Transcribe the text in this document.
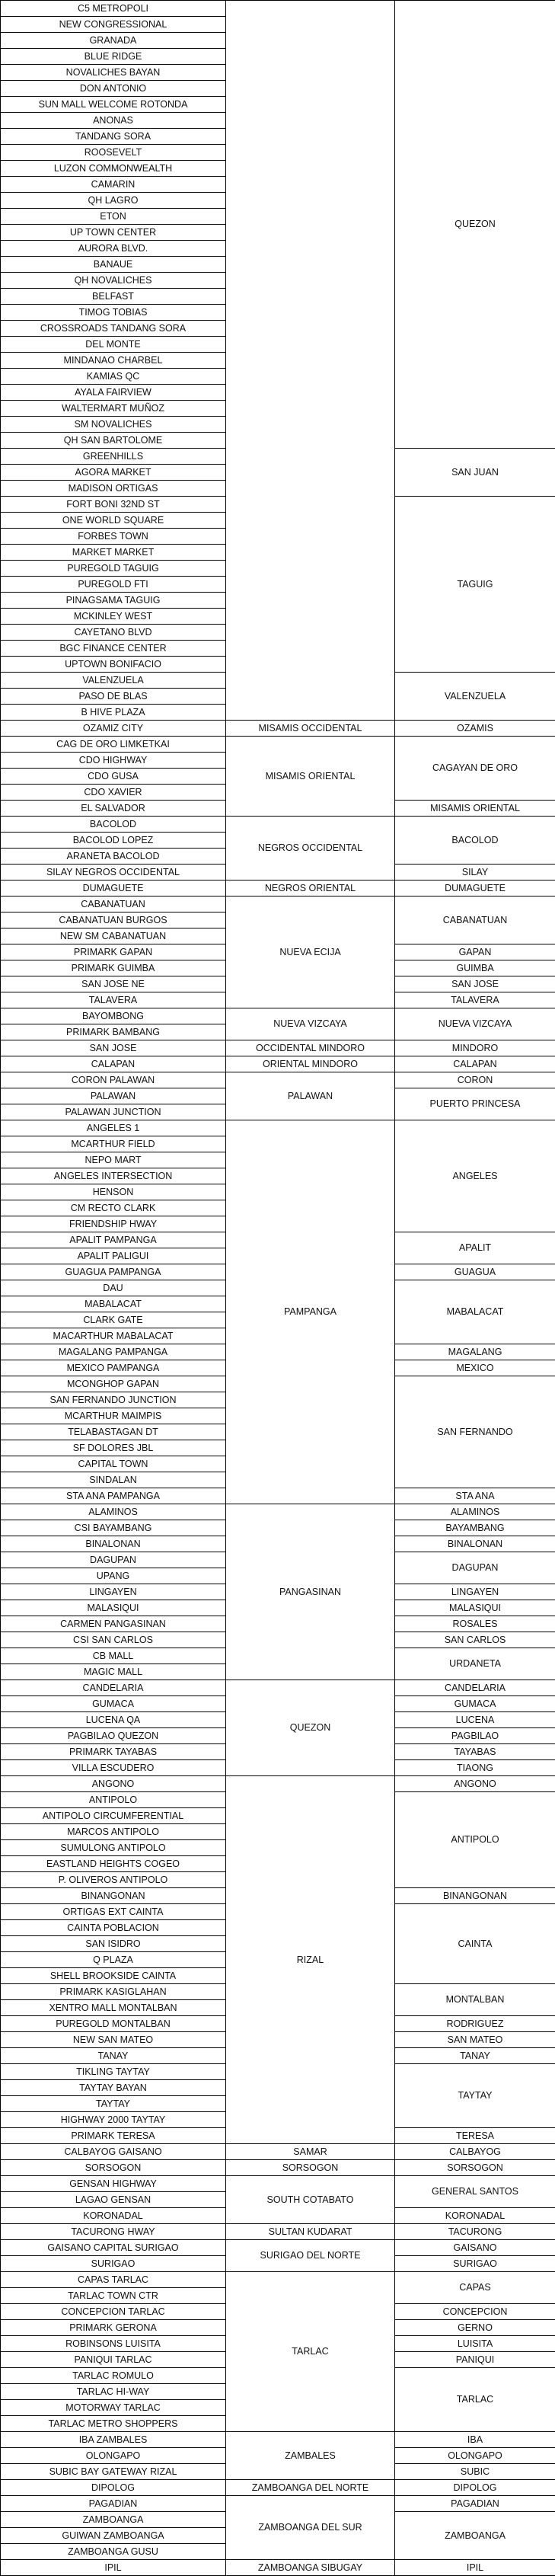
C5 METROPOLI		QUEZON
NEW CONGRESSIONAL		
GRANADA		
BLUE RIDGE		
NOVALICHES BAYAN		
DON ANTONIO		
SUN MALL WELCOME ROTONDA		
ANONAS		
TANDANG SORA		
ROOSEVELT		
LUZON COMMONWEALTH		
CAMARIN		
QH LAGRO		
ETON		
UP TOWN CENTER		
AURORA BLVD.		
BANAUE		
QH NOVALICHES		
BELFAST		
TIMOG TOBIAS		
CROSSROADS TANDANG SORA		
DEL MONTE		
MINDANAO CHARBEL		
KAMIAS QC		
AYALA FAIRVIEW		
WALTERMART MUÑOZ		
SM NOVALICHES		
QH SAN BARTOLOME		
GREENHILLS		SAN JUAN
AGORA MARKET		
MADISON ORTIGAS		
FORT BONI 32ND ST		TAGUIG
ONE WORLD SQUARE		
FORBES TOWN		
MARKET MARKET		
PUREGOLD TAGUIG		
PUREGOLD FTI		
PINAGSAMA TAGUIG		
MCKINLEY WEST		
CAYETANO BLVD		
BGC FINANCE CENTER		
UPTOWN BONIFACIO		
VALENZUELA		VALENZUELA
PASO DE BLAS		
B HIVE PLAZA		
OZAMIZ CITY	MISAMIS OCCIDENTAL	OZAMIS
CAG DE ORO LIMKETKAI	MISAMIS ORIENTAL	CAGAYAN DE ORO
CDO HIGHWAY		
CDO GUSA		
CDO XAVIER		
EL SALVADOR		MISAMIS ORIENTAL
BACOLOD	NEGROS OCCIDENTAL	BACOLOD
BACOLOD LOPEZ		
ARANETA BACOLOD		
SILAY NEGROS OCCIDENTAL		SILAY
DUMAGUETE	NEGROS ORIENTAL	DUMAGUETE
CABANATUAN	NUEVA ECIJA	CABANATUAN
CABANATUAN BURGOS		
NEW SM CABANATUAN		
PRIMARK GAPAN		GAPAN
PRIMARK GUIMBA		GUIMBA
SAN JOSE NE		SAN JOSE
TALAVERA		TALAVERA
BAYOMBONG	NUEVA VIZCAYA	NUEVA VIZCAYA
PRIMARK BAMBANG		
SAN JOSE	OCCIDENTAL MINDORO	MINDORO
CALAPAN	ORIENTAL MINDORO	CALAPAN
CORON PALAWAN	PALAWAN	CORON
PALAWAN		PUERTO PRINCESA
PALAWAN JUNCTION		
ANGELES 1	PAMPANGA	ANGELES
MCARTHUR FIELD		
NEPO MART		
ANGELES INTERSECTION		
HENSON		
CM RECTO CLARK		
FRIENDSHIP HWAY		
APALIT PAMPANGA		APALIT
APALIT PALIGUI		
GUAGUA PAMPANGA		GUAGUA
DAU		MABALACAT
MABALACAT		
CLARK GATE		
MACARTHUR MABALACAT		
MAGALANG PAMPANGA		MAGALANG
MEXICO PAMPANGA		MEXICO
MCONGHOP GAPAN		SAN FERNANDO
SAN FERNANDO JUNCTION		
MCARTHUR MAIMPIS		
TELABASTAGAN DT		
SF DOLORES JBL		
CAPITAL TOWN		
SINDALAN		
STA ANA PAMPANGA		STA ANA
ALAMINOS	PANGASINAN	ALAMINOS
CSI BAYAMBANG		BAYAMBANG
BINALONAN		BINALONAN
DAGUPAN		DAGUPAN
UPANG		
LINGAYEN		LINGAYEN
MALASIQUI		MALASIQUI
CARMEN PANGASINAN		ROSALES
CSI SAN CARLOS		SAN CARLOS
CB MALL		URDANETA
MAGIC MALL		
CANDELARIA	QUEZON	CANDELARIA
GUMACA		GUMACA
LUCENA QA		LUCENA
PAGBILAO QUEZON		PAGBILAO
PRIMARK TAYABAS		TAYABAS
VILLA ESCUDERO		TIAONG
ANGONO	RIZAL	ANGONO
ANTIPOLO		ANTIPOLO
ANTIPOLO CIRCUMFERENTIAL		
MARCOS ANTIPOLO		
SUMULONG ANTIPOLO		
EASTLAND HEIGHTS COGEO		
P. OLIVEROS ANTIPOLO		
BINANGONAN		BINANGONAN
ORTIGAS EXT CAINTA		CAINTA
CAINTA POBLACION		
SAN ISIDRO		
Q PLAZA		
SHELL BROOKSIDE CAINTA		
PRIMARK KASIGLAHAN		MONTALBAN
XENTRO MALL MONTALBAN		
PUREGOLD MONTALBAN		RODRIGUEZ
NEW SAN MATEO		SAN MATEO
TANAY		TANAY
TIKLING TAYTAY		TAYTAY
TAYTAY BAYAN		
TAYTAY		
HIGHWAY 2000 TAYTAY		
PRIMARK TERESA		TERESA
CALBAYOG GAISANO	SAMAR	CALBAYOG
SORSOGON	SORSOGON	SORSOGON
GENSAN HIGHWAY	SOUTH COTABATO	GENERAL SANTOS
LAGAO GENSAN		
KORONADAL		KORONADAL
TACURONG HWAY	SULTAN KUDARAT	TACURONG
GAISANO CAPITAL SURIGAO	SURIGAO DEL NORTE	GAISANO
SURIGAO		SURIGAO
CAPAS TARLAC	TARLAC	CAPAS
TARLAC TOWN CTR		
CONCEPCION TARLAC		CONCEPCION
PRIMARK GERONA		GERNO
ROBINSONS LUISITA		LUISITA
PANIQUI TARLAC		PANIQUI
TARLAC ROMULO		TARLAC
TARLAC HI-WAY		
MOTORWAY TARLAC		
TARLAC METRO SHOPPERS		
IBA ZAMBALES	ZAMBALES	IBA
OLONGAPO		OLONGAPO
SUBIC BAY GATEWAY RIZAL		SUBIC
DIPOLOG	ZAMBOANGA DEL NORTE	DIPOLOG
PAGADIAN	ZAMBOANGA DEL SUR	PAGADIAN
ZAMBOANGA		ZAMBOANGA
GUIWAN ZAMBOANGA		
ZAMBOANGA GUSU		
IPIL	ZAMBOANGA SIBUGAY	IPIL
